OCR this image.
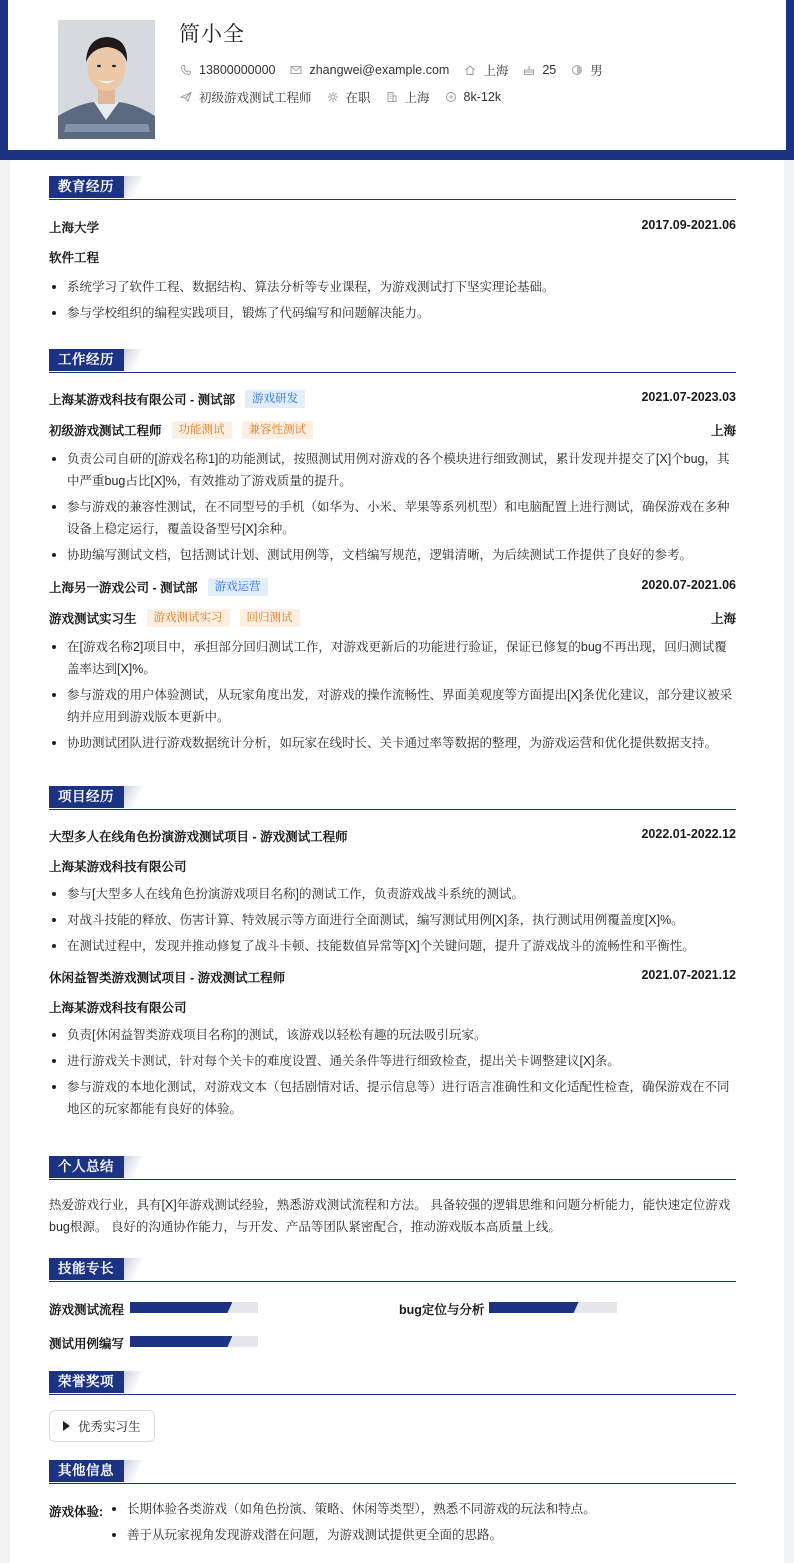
简小全
13800000000	zhangwei@example.com	上海	25	男
初级游戏测试工程师	在职	上海	8k-12k
教育经历
上海大学	2017.09-2021.06
软件工程
系统学习了软件工程、数据结构、算法分析等专业课程，为游戏测试打下坚实理论基础。
参与学校组织的编程实践项目，锻炼了代码编写和问题解决能力。
工作经历
上海某游戏科技有限公司 - 测试部	游戏研发	2021.07-2023.03
初级游戏测试工程师	功能测试	兼容性测试	上海
负责公司自研的[游戏名称1]的功能测试，按照测试用例对游戏的各个模块进行细致测试，累计发现并提交了[X]个bug，其中严重bug占比[X]%，有效推动了游戏质量的提升。
参与游戏的兼容性测试，在不同型号的手机（如华为、小米、苹果等系列机型）和电脑配置上进行测试，确保游戏在多种设备上稳定运行，覆盖设备型号[X]余种。
协助编写测试文档，包括测试计划、测试用例等，文档编写规范，逻辑清晰，为后续测试工作提供了良好的参考。
上海另一游戏公司 - 测试部	游戏运营	2020.07-2021.06
游戏测试实习生	游戏测试实习	回归测试	上海
在[游戏名称2]项目中，承担部分回归测试工作，对游戏更新后的功能进行验证，保证已修复的bug不再出现，回归测试覆盖率达到[X]%。
参与游戏的用户体验测试，从玩家角度出发，对游戏的操作流畅性、界面美观度等方面提出[X]条优化建议，部分建议被采纳并应用到游戏版本更新中。
协助测试团队进行游戏数据统计分析，如玩家在线时长、关卡通过率等数据的整理，为游戏运营和优化提供数据支持。
项目经历
大型多人在线角色扮演游戏测试项目 - 游戏测试工程师	2022.01-2022.12
上海某游戏科技有限公司
参与[大型多人在线角色扮演游戏项目名称]的测试工作，负责游戏战斗系统的测试。
对战斗技能的释放、伤害计算、特效展示等方面进行全面测试，编写测试用例[X]条，执行测试用例覆盖度[X]%。
在测试过程中，发现并推动修复了战斗卡顿、技能数值异常等[X]个关键问题，提升了游戏战斗的流畅性和平衡性。
休闲益智类游戏测试项目 - 游戏测试工程师	2021.07-2021.12
上海某游戏科技有限公司
负责[休闲益智类游戏项目名称]的测试，该游戏以轻松有趣的玩法吸引玩家。
进行游戏关卡测试，针对每个关卡的难度设置、通关条件等进行细致检查，提出关卡调整建议[X]条。
参与游戏的本地化测试，对游戏文本（包括剧情对话、提示信息等）进行语言准确性和文化适配性检查，确保游戏在不同地区的玩家都能有良好的体验。
个人总结

热爱游戏行业，具有[X]年游戏测试经验，熟悉游戏测试流程和方法。 具备较强的逻辑思维和问题分析能力，能快速定位游戏bug根源。 良好的沟通协作能力，与开发、产品等团队紧密配合，推动游戏版本高质量上线。

技能专长
游戏测试流程	bug定位与分析
测试用例编写
荣誉奖项
优秀实习生
其他信息
游戏体验:	长期体验各类游戏（如角色扮演、策略、休闲等类型），熟悉不同游戏的玩法和特点。
善于从玩家视角发现游戏潜在问题，为游戏测试提供更全面的思路。
